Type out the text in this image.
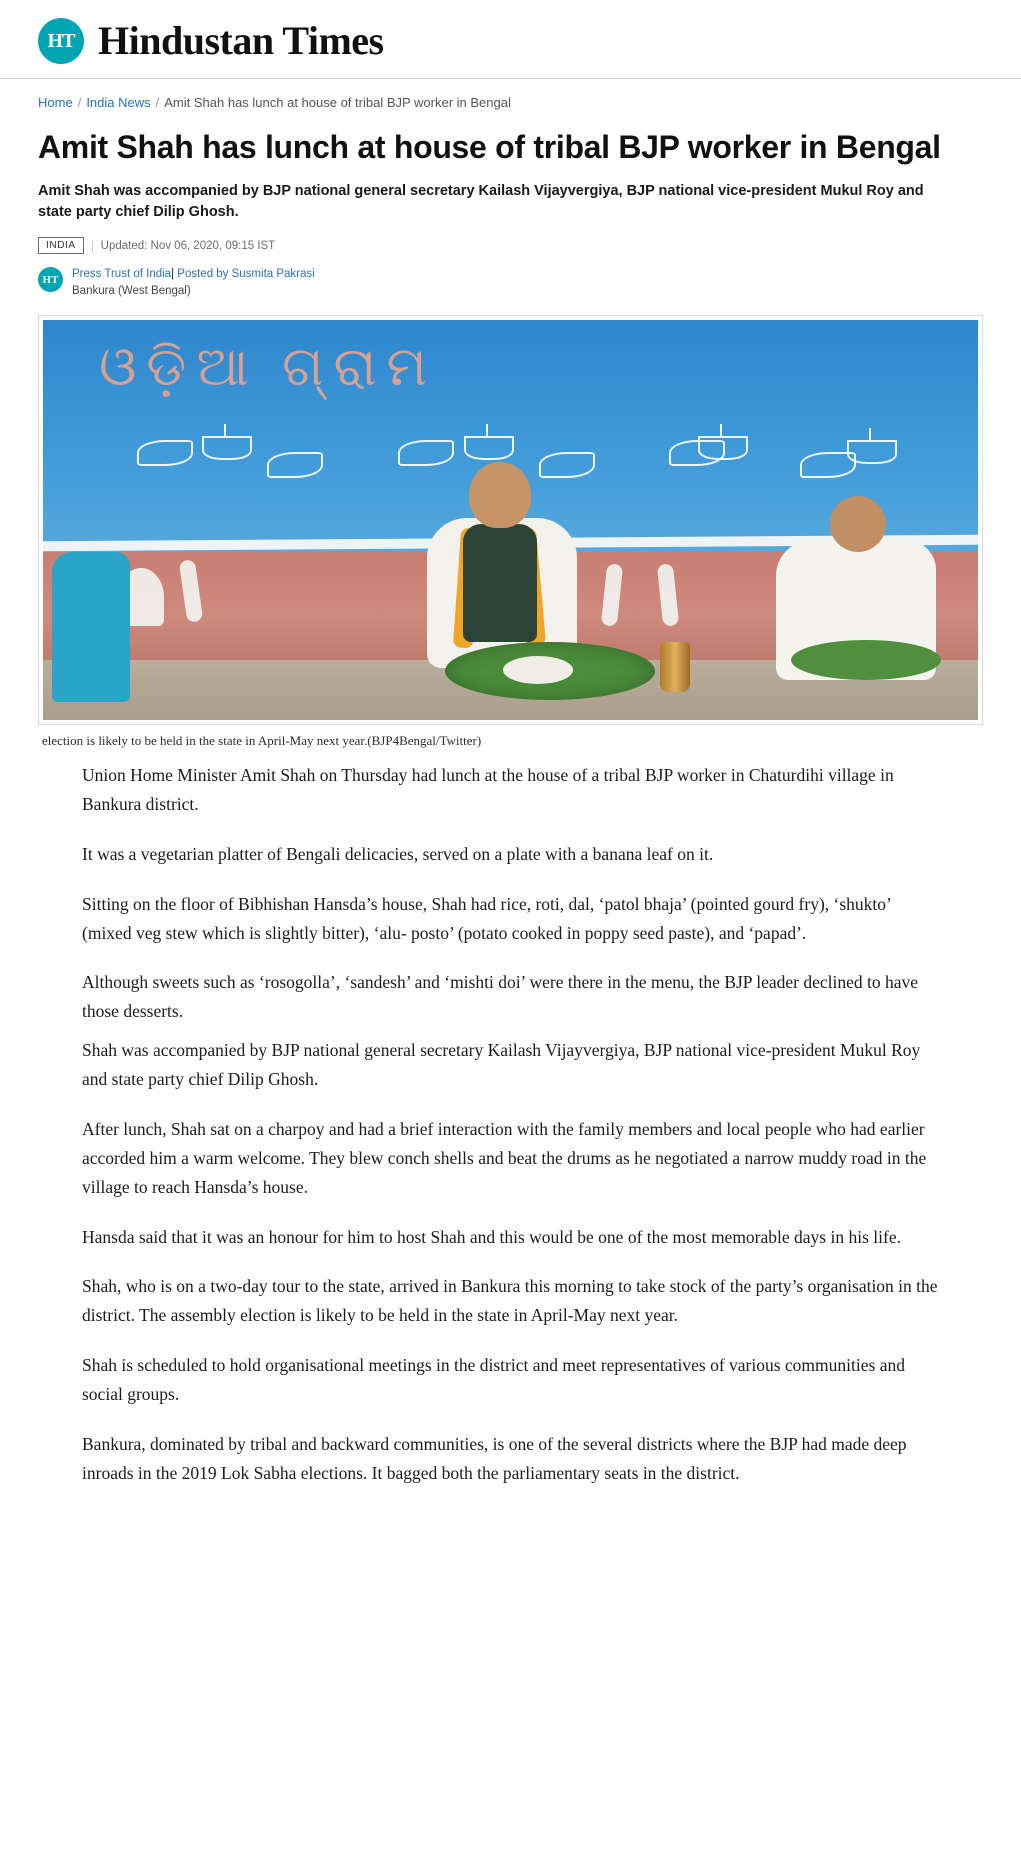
HT Hindustan Times
Home / India News / Amit Shah has lunch at house of tribal BJP worker in Bengal
Amit Shah has lunch at house of tribal BJP worker in Bengal

Amit Shah was accompanied by BJP national general secretary Kailash Vijayvergiya, BJP national vice-president Mukul Roy and state party chief Dilip Ghosh.

INDIA	Updated: Nov 06, 2020, 09:15 IST
HT	Press Trust of India| Posted by Susmita Pakrasi
Bankura (West Bengal)
ଓଡ଼ିଆ ଗ୍ରାମ
election is likely to be held in the state in April-May next year.(BJP4Bengal/Twitter)

Union Home Minister Amit Shah on Thursday had lunch at the house of a tribal BJP worker in Chaturdihi village in Bankura district.

It was a vegetarian platter of Bengali delicacies, served on a plate with a banana leaf on it.

Sitting on the floor of Bibhishan Hansda’s house, Shah had rice, roti, dal, ‘patol bhaja’ (pointed gourd fry), ‘shukto’ (mixed veg stew which is slightly bitter), ‘alu- posto’ (potato cooked in poppy seed paste), and ‘papad’.

Although sweets such as ‘rosogolla’, ‘sandesh’ and ‘mishti doi’ were there in the menu, the BJP leader declined to have those desserts.

Shah was accompanied by BJP national general secretary Kailash Vijayvergiya, BJP national vice-president Mukul Roy and state party chief Dilip Ghosh.

After lunch, Shah sat on a charpoy and had a brief interaction with the family members and local people who had earlier accorded him a warm welcome. They blew conch shells and beat the drums as he negotiated a narrow muddy road in the village to reach Hansda’s house.

Hansda said that it was an honour for him to host Shah and this would be one of the most memorable days in his life.

Shah, who is on a two-day tour to the state, arrived in Bankura this morning to take stock of the party’s organisation in the district. The assembly election is likely to be held in the state in April-May next year.

Shah is scheduled to hold organisational meetings in the district and meet representatives of various communities and social groups.

Bankura, dominated by tribal and backward communities, is one of the several districts where the BJP had made deep inroads in the 2019 Lok Sabha elections. It bagged both the parliamentary seats in the district.
